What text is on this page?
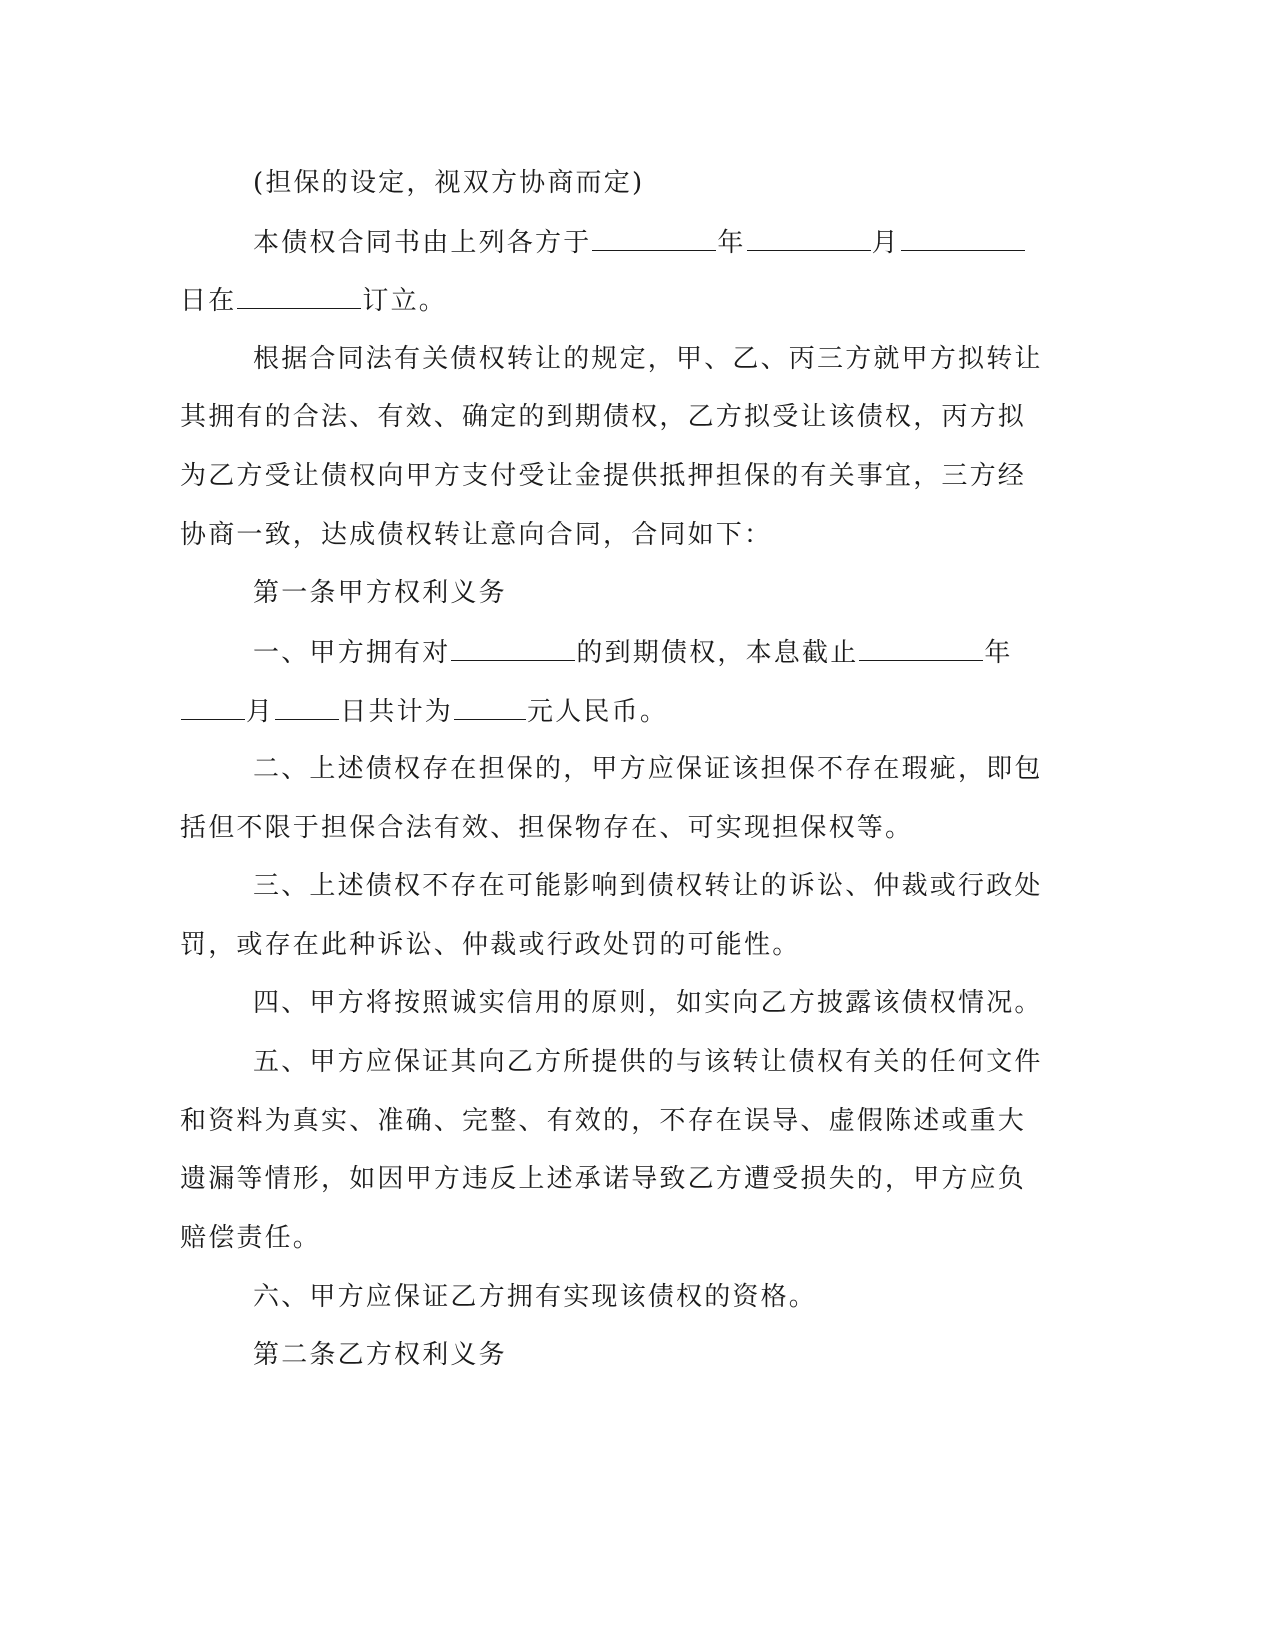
(担保的设定，视双方协商而定)
本债权合同书由上列各方于	年	月
日在	订立。
根据合同法有关债权转让的规定，甲、乙、丙三方就甲方拟转让
其拥有的合法、有效、确定的到期债权，乙方拟受让该债权，丙方拟
为乙方受让债权向甲方支付受让金提供抵押担保的有关事宜，三方经
协商一致，达成债权转让意向合同，合同如下：
第一条甲方权利义务
一、甲方拥有对	的到期债权，本息截止	年
月	日共计为	元人民币。
二、上述债权存在担保的，甲方应保证该担保不存在瑕疵，即包
括但不限于担保合法有效、担保物存在、可实现担保权等。
三、上述债权不存在可能影响到债权转让的诉讼、仲裁或行政处
罚，或存在此种诉讼、仲裁或行政处罚的可能性。
四、甲方将按照诚实信用的原则，如实向乙方披露该债权情况。
五、甲方应保证其向乙方所提供的与该转让债权有关的任何文件
和资料为真实、准确、完整、有效的，不存在误导、虚假陈述或重大
遗漏等情形，如因甲方违反上述承诺导致乙方遭受损失的，甲方应负
赔偿责任。
六、甲方应保证乙方拥有实现该债权的资格。
第二条乙方权利义务
